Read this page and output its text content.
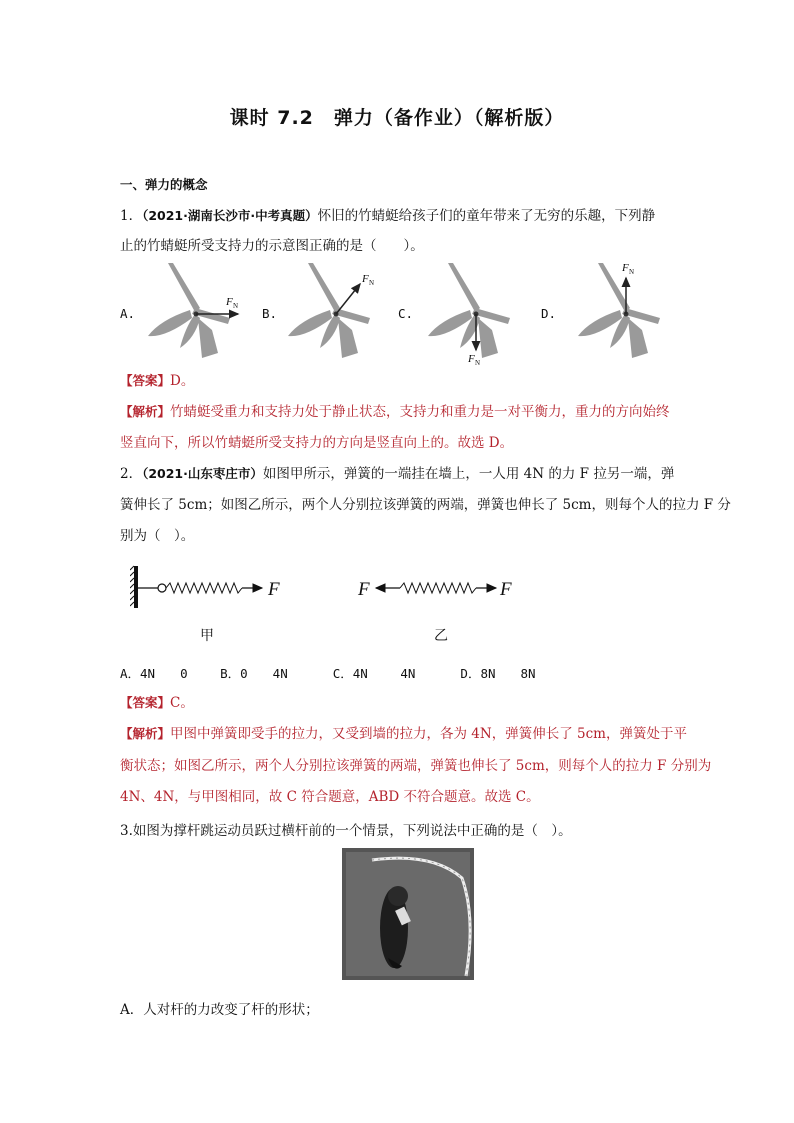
课时 7.2　弹力（备作业）（解析版）
一、弹力的概念
1．（2021·湖南长沙市·中考真题）怀旧的竹蜻蜓给孩子们的童年带来了无穷的乐趣，下列静
止的竹蜻蜓所受支持力的示意图正确的是（　　）。
A.	B.	C.	D.
F N
F N
F N
F N
【答案】D。
【解析】竹蜻蜓受重力和支持力处于静止状态，支持力和重力是一对平衡力，重力的方向始终
竖直向下，所以竹蜻蜓所受支持力的方向是竖直向上的。故选 D。
2．（2021·山东枣庄市）如图甲所示，弹簧的一端挂在墙上，一人用 4N 的力 F 拉另一端，弹
簧伸长了 5cm；如图乙所示，两个人分别拉该弹簧的两端，弹簧也伸长了 5cm，则每个人的拉力 F 分
别为（　）。
F	F	F
甲	乙
A．4N　　0　　 B．0　　4N　　　 C．4N　　 4N　　　 D．8N　　8N
【答案】C。
【解析】甲图中弹簧即受手的拉力，又受到墙的拉力，各为 4N，弹簧伸长了 5cm，弹簧处于平
衡状态；如图乙所示，两个人分别拉该弹簧的两端，弹簧也伸长了 5cm，则每个人的拉力 F 分别为
4N、4N，与甲图相同，故 C 符合题意，ABD 不符合题意。故选 C。
3.如图为撑杆跳运动员跃过横杆前的一个情景，下列说法中正确的是（　）。
A．人对杆的力改变了杆的形状；
